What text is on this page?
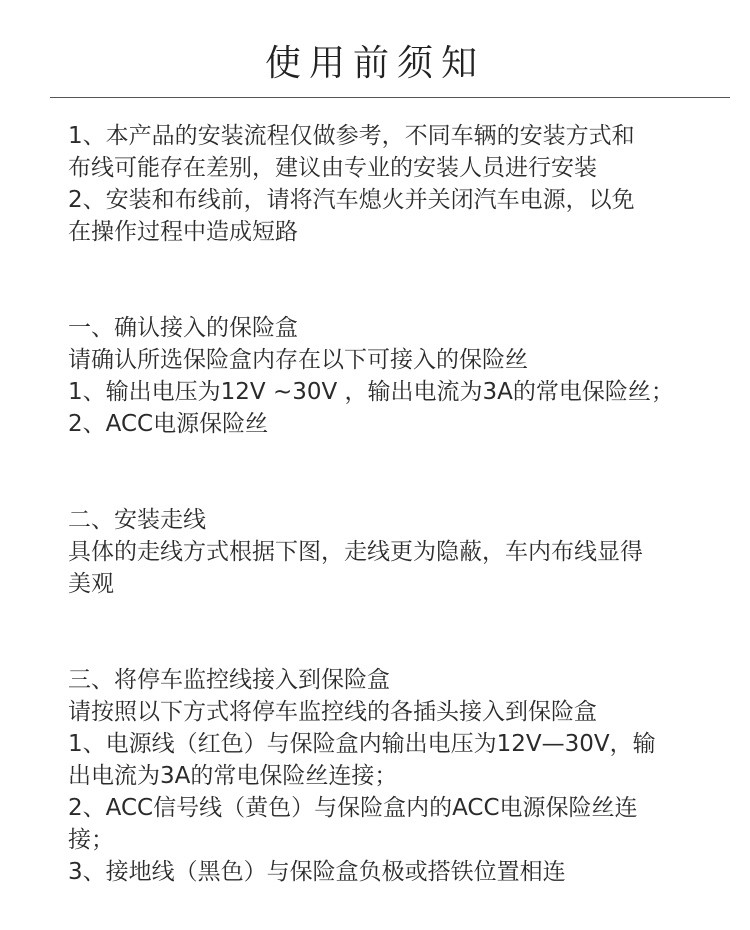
使用前须知
1、本产品的安装流程仅做参考，不同车辆的安装方式和
布线可能存在差别，建议由专业的安装人员进行安装
2、安装和布线前，请将汽车熄火并关闭汽车电源，以免
在操作过程中造成短路
一、确认接入的保险盒
请确认所选保险盒内存在以下可接入的保险丝
1、输出电压为12V ~30V ，输出电流为3A的常电保险丝；
2、ACC电源保险丝
二、安装走线
具体的走线方式根据下图，走线更为隐蔽，车内布线显得
美观
三、将停车监控线接入到保险盒
请按照以下方式将停车监控线的各插头接入到保险盒
1、电源线（红色）与保险盒内输出电压为12V—30V，输
出电流为3A的常电保险丝连接；
2、ACC信号线（黄色）与保险盒内的ACC电源保险丝连
接；
3、接地线（黑色）与保险盒负极或搭铁位置相连
